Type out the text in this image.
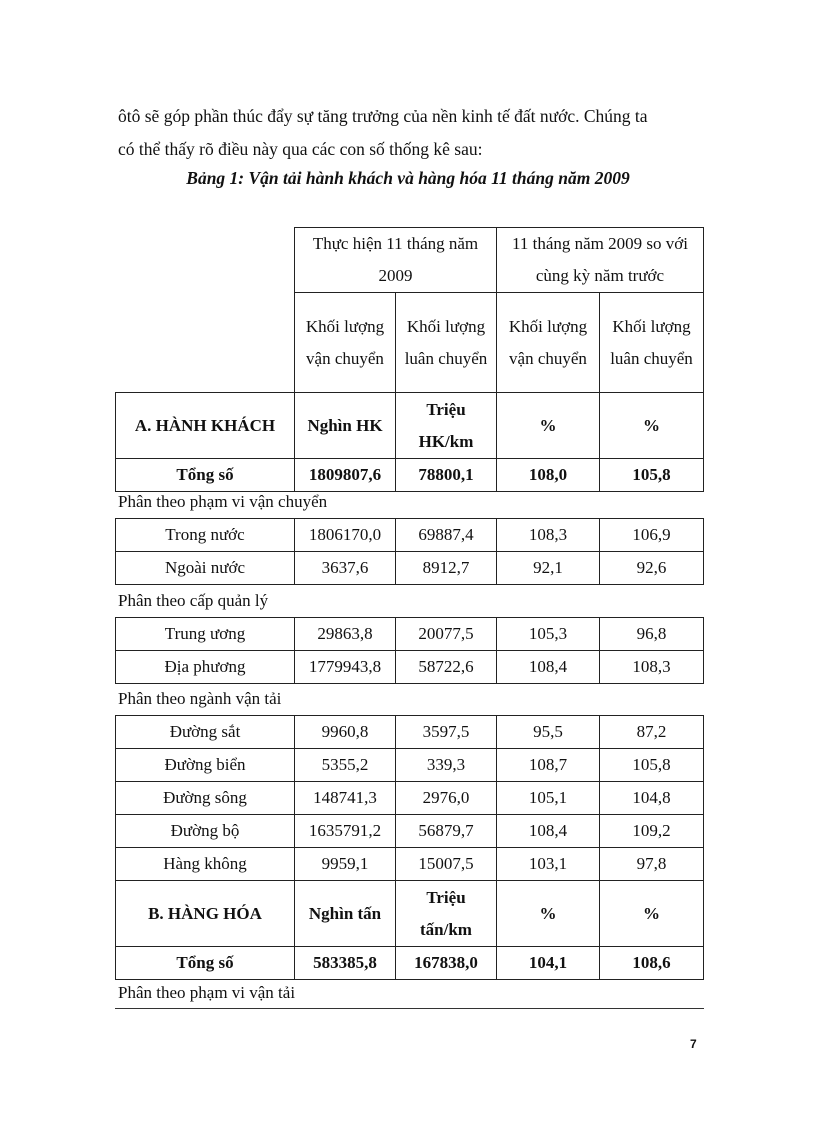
ôtô sẽ góp phần thúc đẩy sự tăng trưởng của nền kinh tế đất nước. Chúng ta
có thể thấy rõ điều này qua các con số thống kê sau:
Bảng 1: Vận tải hành khách và hàng hóa 11 tháng năm 2009
	Thực hiện 11 tháng năm 2009		11 tháng năm 2009 so với cùng kỳ năm trước	
	Khối lượng vận chuyển	Khối lượng luân chuyển	Khối lượng vận chuyển	Khối lượng luân chuyển
A. HÀNH KHÁCH	Nghìn HK	Triệu HK/km	%	%
Tổng số	1809807,6	78800,1	108,0	105,8
Phân theo phạm vi vận chuyển
Trong nước	1806170,0	69887,4	108,3	106,9
Ngoài nước	3637,6	8912,7	92,1	92,6
Phân theo cấp quản lý
Trung ương	29863,8	20077,5	105,3	96,8
Địa phương	1779943,8	58722,6	108,4	108,3
Phân theo ngành vận tải
Đường sắt	9960,8	3597,5	95,5	87,2
Đường biển	5355,2	339,3	108,7	105,8
Đường sông	148741,3	2976,0	105,1	104,8
Đường bộ	1635791,2	56879,7	108,4	109,2
Hàng không	9959,1	15007,5	103,1	97,8
B. HÀNG HÓA	Nghìn tấn	Triệu tấn/km	%	%
Tổng số	583385,8	167838,0	104,1	108,6
Phân theo phạm vi vận tải
7
